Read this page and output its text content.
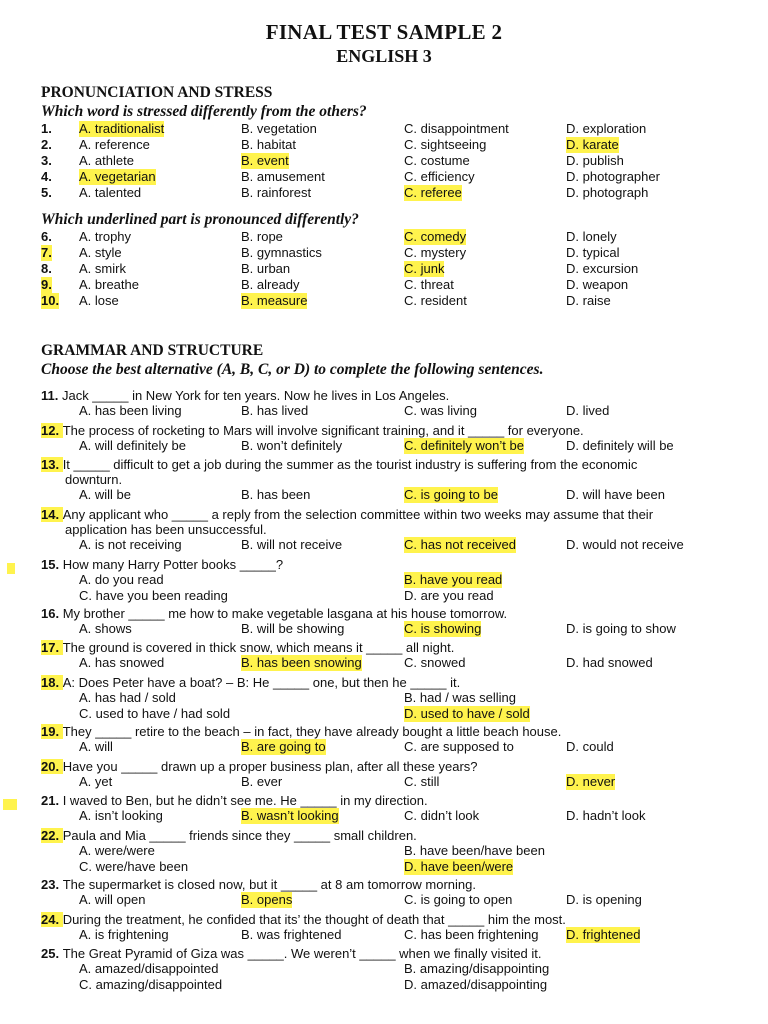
FINAL TEST SAMPLE 2
ENGLISH 3
PRONUNCIATION AND STRESS
Which word is stressed differently from the others?
Which underlined part is pronounced differently?
1. A. traditionalist	B. vegetation	C. disappointment	D. exploration
2. A. reference	B. habitat	C. sightseeing	D. karate
3. A. athlete	B. event	C. costume	D. publish
4. A. vegetarian	B. amusement	C. efficiency	D. photographer
5. A. talented	B. rainforest	C. referee	D. photograph
6. A. trophy	B. rope	C. comedy	D. lonely
7. A. style	B. gymnastics	C. mystery	D. typical
8. A. smirk	B. urban	C. junk	D. excursion
9. A. breathe	B. already	C. threat	D. weapon
10. A. lose	B. measure	C. resident	D. raise
GRAMMAR AND STRUCTURE
Choose the best alternative (A, B, C, or D) to complete the following sentences.
11. Jack _____ in New York for ten years. Now he lives in Los Angeles.
A. has been living	B. has lived	C. was living	D. lived
12. The process of rocketing to Mars will involve significant training, and it _____ for everyone.
A. will definitely be	B. won’t definitely	C. definitely won’t be	D. definitely will be
13. It _____ difficult to get a job during the summer as the tourist industry is suffering from the economic
downturn.
A. will be	B. has been	C. is going to be	D. will have been
14. Any applicant who _____ a reply from the selection committee within two weeks may assume that their
application has been unsuccessful.
A. is not receiving	B. will not receive	C. has not received	D. would not receive
15. How many Harry Potter books _____?
A. do you read	B. have you read
C. have you been reading	D. are you read
16. My brother _____ me how to make vegetable lasgana at his house tomorrow.
A. shows	B. will be showing	C. is showing	D. is going to show
17. The ground is covered in thick snow, which means it _____ all night.
A. has snowed	B. has been snowing	C. snowed	D. had snowed
18. A: Does Peter have a boat? – B: He _____ one, but then he _____ it.
A. has had / sold	B. had / was selling
C. used to have / had sold	D. used to have / sold
19. They _____ retire to the beach – in fact, they have already bought a little beach house.
A. will	B. are going to	C. are supposed to	D. could
20. Have you _____ drawn up a proper business plan, after all these years?
A. yet	B. ever	C. still	D. never
21. I waved to Ben, but he didn’t see me. He _____ in my direction.
A. isn’t looking	B. wasn’t looking	C. didn’t look	D. hadn’t look
22. Paula and Mia _____ friends since they _____ small children.
A. were/were	B. have been/have been
C. were/have been	D. have been/were
23. The supermarket is closed now, but it _____ at 8 am tomorrow morning.
A. will open	B. opens	C. is going to open	D. is opening
24. During the treatment, he confided that its’ the thought of death that _____ him the most.
A. is frightening	B. was frightened	C. has been frightening D. frightened
25. The Great Pyramid of Giza was _____. We weren’t _____ when we finally visited it.
A. amazed/disappointed	B. amazing/disappointing
C. amazing/disappointed	D. amazed/disappointing
